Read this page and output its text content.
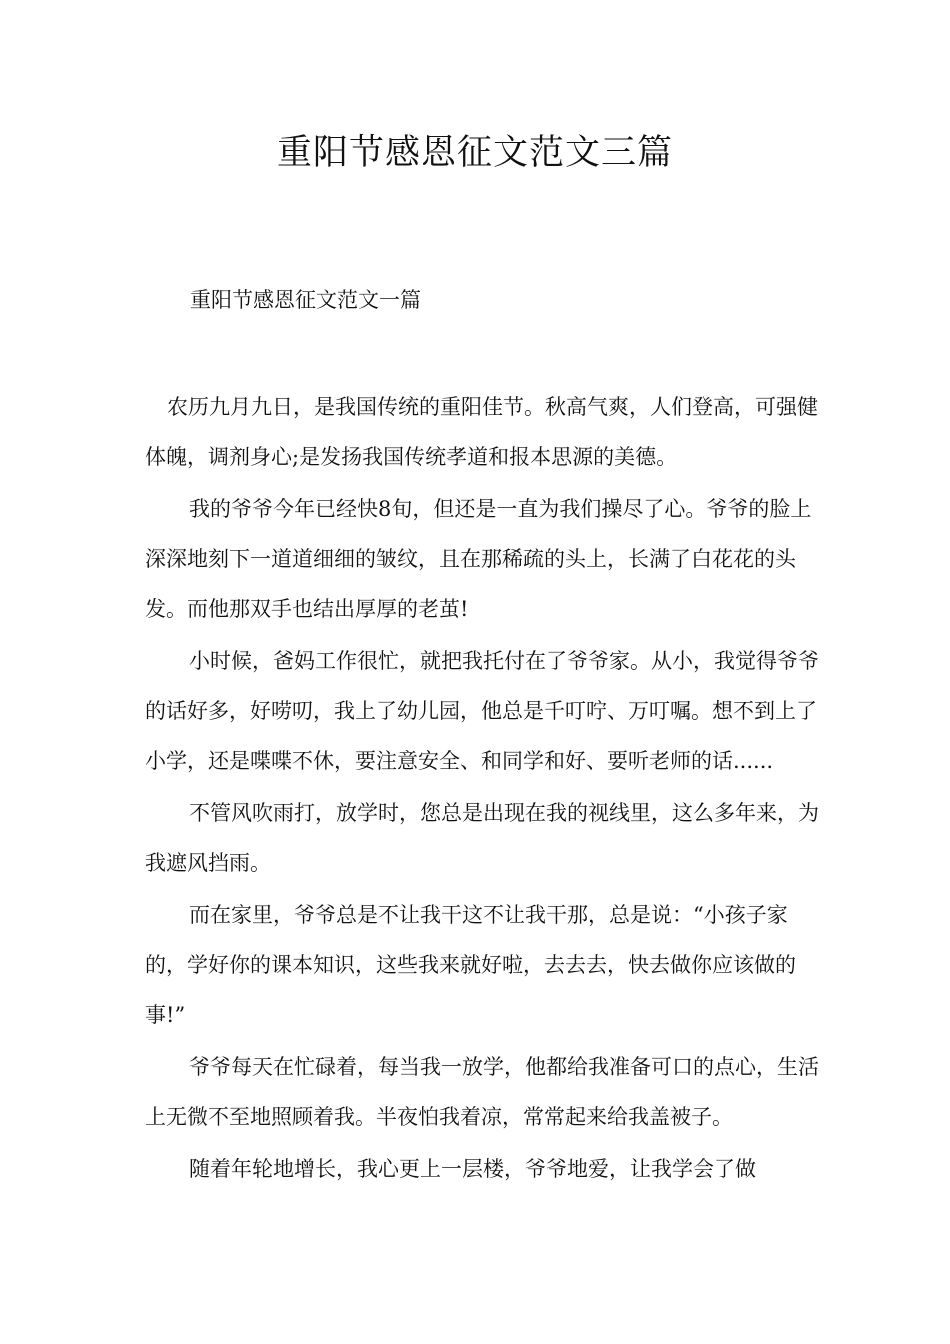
重阳节感恩征文范文三篇
重阳节感恩征文范文一篇

农历九月九日，是我国传统的重阳佳节。秋高气爽，人们登高，可强健体魄，调剂身心;是发扬我国传统孝道和报本思源的美德。

我的爷爷今年已经快8旬，但还是一直为我们操尽了心。爷爷的脸上深深地刻下一道道细细的皱纹，且在那稀疏的头上，长满了白花花的头发。而他那双手也结出厚厚的老茧!

小时候，爸妈工作很忙，就把我托付在了爷爷家。从小，我觉得爷爷的话好多，好唠叨，我上了幼儿园，他总是千叮咛、万叮嘱。想不到上了小学，还是喋喋不休，要注意安全、和同学和好、要听老师的话......

不管风吹雨打，放学时，您总是出现在我的视线里，这么多年来，为我遮风挡雨。

而在家里，爷爷总是不让我干这不让我干那，总是说：“小孩子家的，学好你的课本知识，这些我来就好啦，去去去，快去做你应该做的事!”

爷爷每天在忙碌着，每当我一放学，他都给我准备可口的点心，生活上无微不至地照顾着我。半夜怕我着凉，常常起来给我盖被子。

随着年轮地增长，我心更上一层楼，爷爷地爱，让我学会了做
